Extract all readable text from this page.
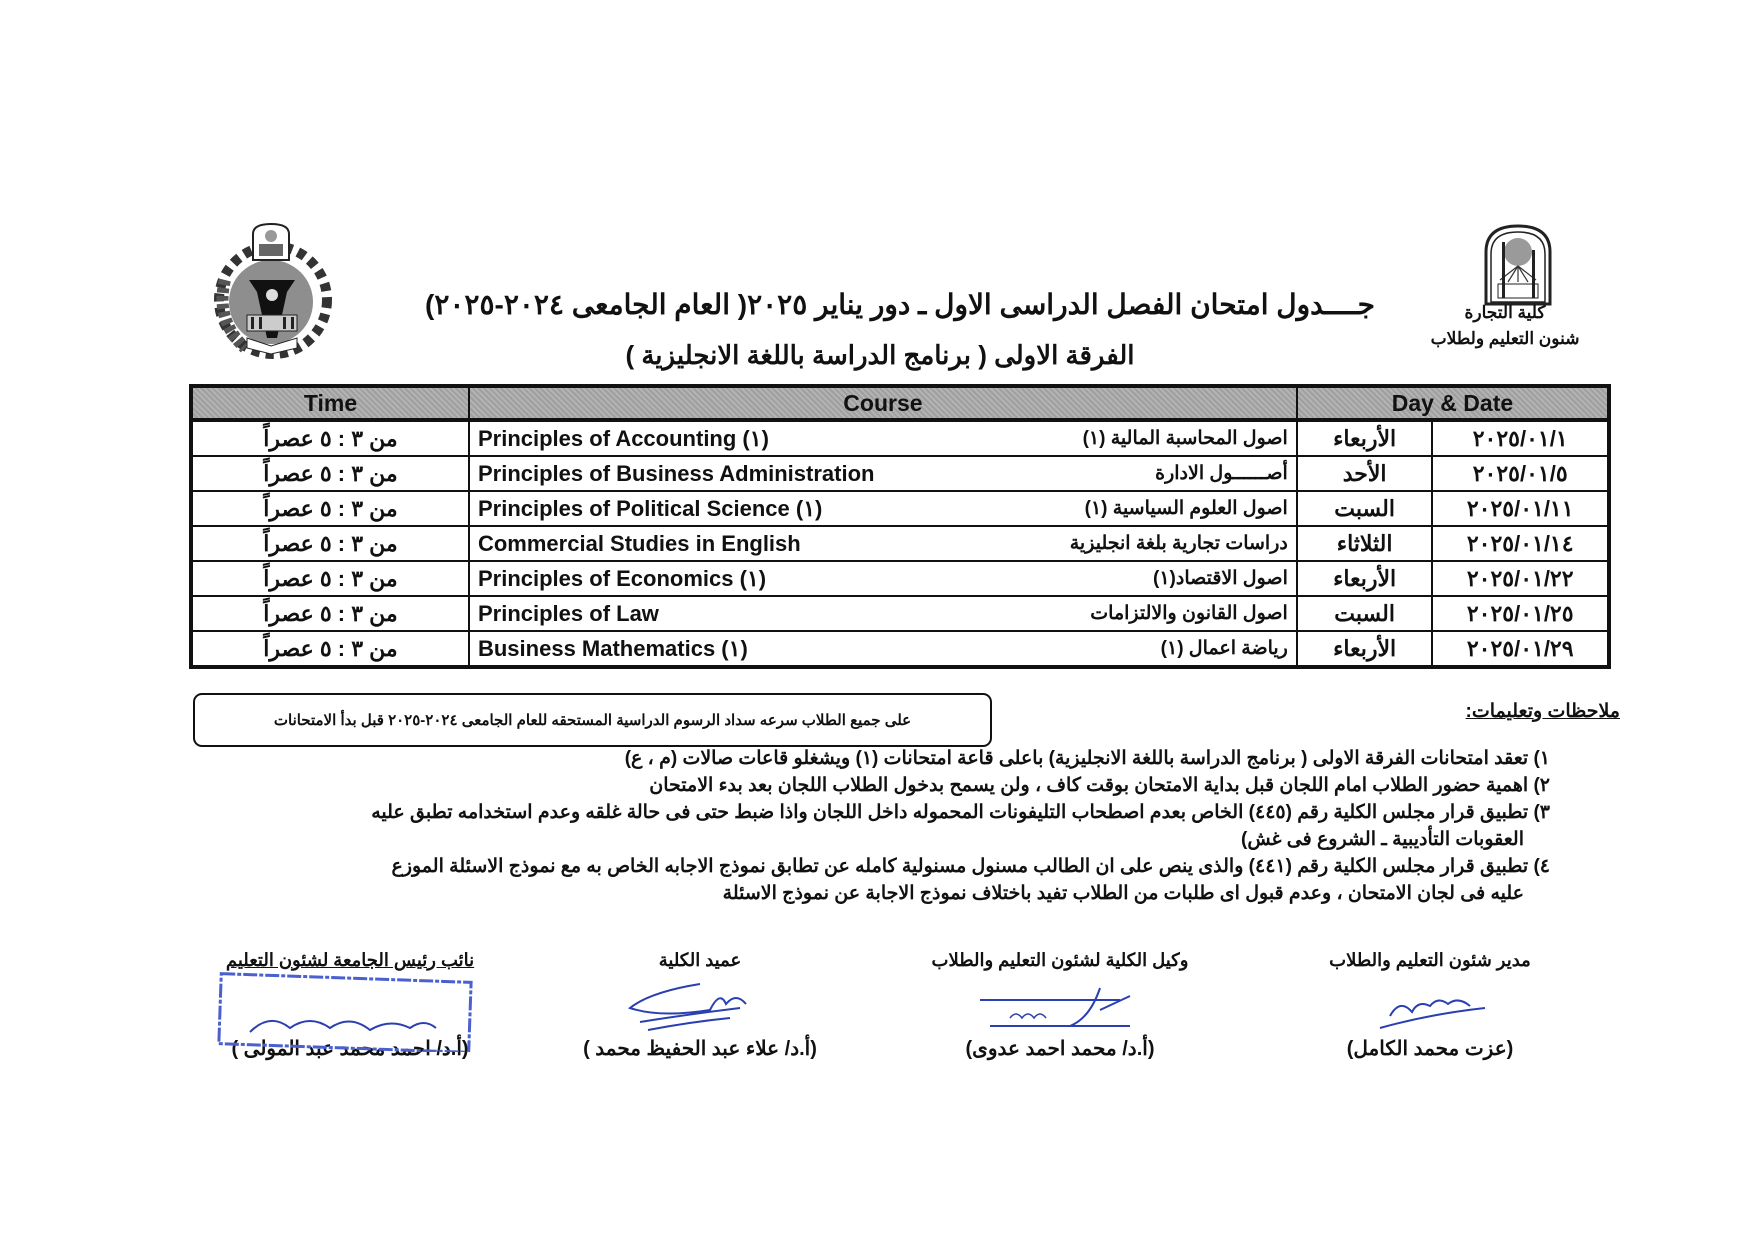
كلية التجارة
شنون التعليم ولطلاب
جــــدول امتحان الفصل الدراسى الاول ـ دور يناير ٢٠٢٥( العام الجامعى ٢٠٢٤-٢٠٢٥)
الفرقة الاولى ( برنامج الدراسة باللغة الانجليزية )
Time	Course	Day & Date	
من ٣ : ٥ عصراً	Principles of Accounting (١) اصول المحاسبة المالية (١)	الأربعاء	٢٠٢٥/٠١/١
من ٣ : ٥ عصراً	Principles of Business Administration أصــــــول الادارة	الأحد	٢٠٢٥/٠١/٥
من ٣ : ٥ عصراً	Principles of Political Science (١) اصول العلوم السياسية (١)	السبت	٢٠٢٥/٠١/١١
من ٣ : ٥ عصراً	Commercial Studies in English دراسات تجارية بلغة انجليزية	الثلاثاء	٢٠٢٥/٠١/١٤
من ٣ : ٥ عصراً	Principles of Economics (١) اصول الاقتصاد(١)	الأربعاء	٢٠٢٥/٠١/٢٢
من ٣ : ٥ عصراً	Principles of Law اصول القانون والالتزامات	السبت	٢٠٢٥/٠١/٢٥
من ٣ : ٥ عصراً	Business Mathematics (١) رياضة اعمال (١)	الأربعاء	٢٠٢٥/٠١/٢٩
على جميع الطلاب سرعه سداد الرسوم الدراسية المستحقه للعام الجامعى ٢٠٢٤-٢٠٢٥ قبل بدأ الامتحانات	ملاحظات وتعليمات:
١) تعقد امتحانات الفرقة الاولى ( برنامج الدراسة باللغة الانجليزية) باعلى قاعة امتحانات (١) ويشغلو قاعات صالات (م ، ع)
٢) اهمية حضور الطلاب امام اللجان قبل بداية الامتحان بوقت كاف ، ولن يسمح بدخول الطلاب اللجان بعد بدء الامتحان
٣) تطبيق قرار مجلس الكلية رقم (٤٤٥) الخاص بعدم اصطحاب التليفونات المحموله داخل اللجان واذا ضبط حتى فى حالة غلقه وعدم استخدامه تطبق عليه
العقوبات التأديبية ـ الشروع فى غش)
٤) تطبيق قرار مجلس الكلية رقم (٤٤١) والذى ينص على ان الطالب مسنول مسنولية كامله عن تطابق نموذج الاجابه الخاص به مع نموذج الاسئلة الموزع
عليه فى لجان الامتحان ، وعدم قبول اى طلبات من الطلاب تفيد باختلاف نموذج الاجابة عن نموذج الاسئلة
مدير شئون التعليم والطلاب
(عزت محمد الكامل)
وكيل الكلية لشئون التعليم والطلاب
(أ.د/ محمد احمد عدوى)
عميد الكلية
(أ.د/ علاء عبد الحفيظ محمد )
نائب رئيس الجامعة لشئون التعليم
(أ.د/ احمد محمد عبد المولى )
